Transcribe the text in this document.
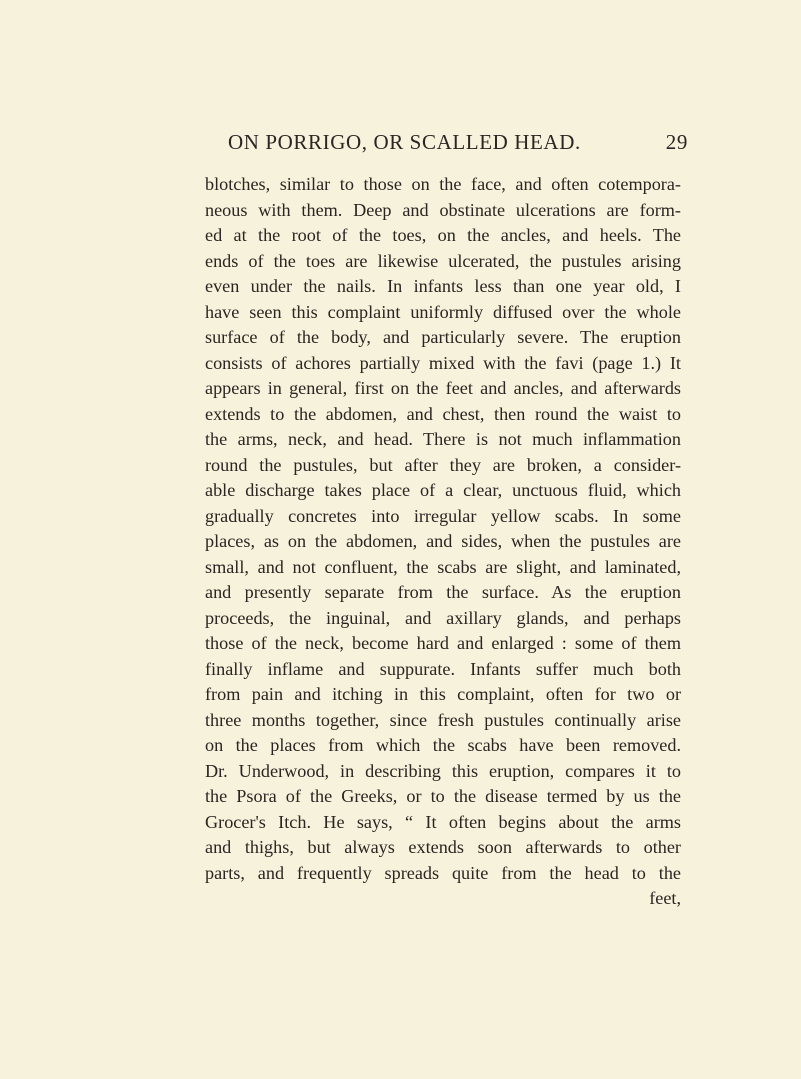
ON PORRIGO, OR SCALLED HEAD.	29
blotches, similar to those on the face, and often cotempora-
neous with them. Deep and obstinate ulcerations are form-
ed at the root of the toes, on the ancles, and heels. The
ends of the toes are likewise ulcerated, the pustules arising
even under the nails. In infants less than one year old, I
have seen this complaint uniformly diffused over the whole
surface of the body, and particularly severe. The eruption
consists of achores partially mixed with the favi (page 1.) It
appears in general, first on the feet and ancles, and afterwards
extends to the abdomen, and chest, then round the waist to
the arms, neck, and head. There is not much inflammation
round the pustules, but after they are broken, a consider-
able discharge takes place of a clear, unctuous fluid, which
gradually concretes into irregular yellow scabs. In some
places, as on the abdomen, and sides, when the pustules are
small, and not confluent, the scabs are slight, and laminated,
and presently separate from the surface. As the eruption
proceeds, the inguinal, and axillary glands, and perhaps
those of the neck, become hard and enlarged : some of them
finally inflame and suppurate. Infants suffer much both
from pain and itching in this complaint, often for two or
three months together, since fresh pustules continually arise
on the places from which the scabs have been removed.
Dr. Underwood, in describing this eruption, compares it to
the Psora of the Greeks, or to the disease termed by us the
Grocer's Itch. He says, “ It often begins about the arms
and thighs, but always extends soon afterwards to other
parts, and frequently spreads quite from the head to the
feet,
